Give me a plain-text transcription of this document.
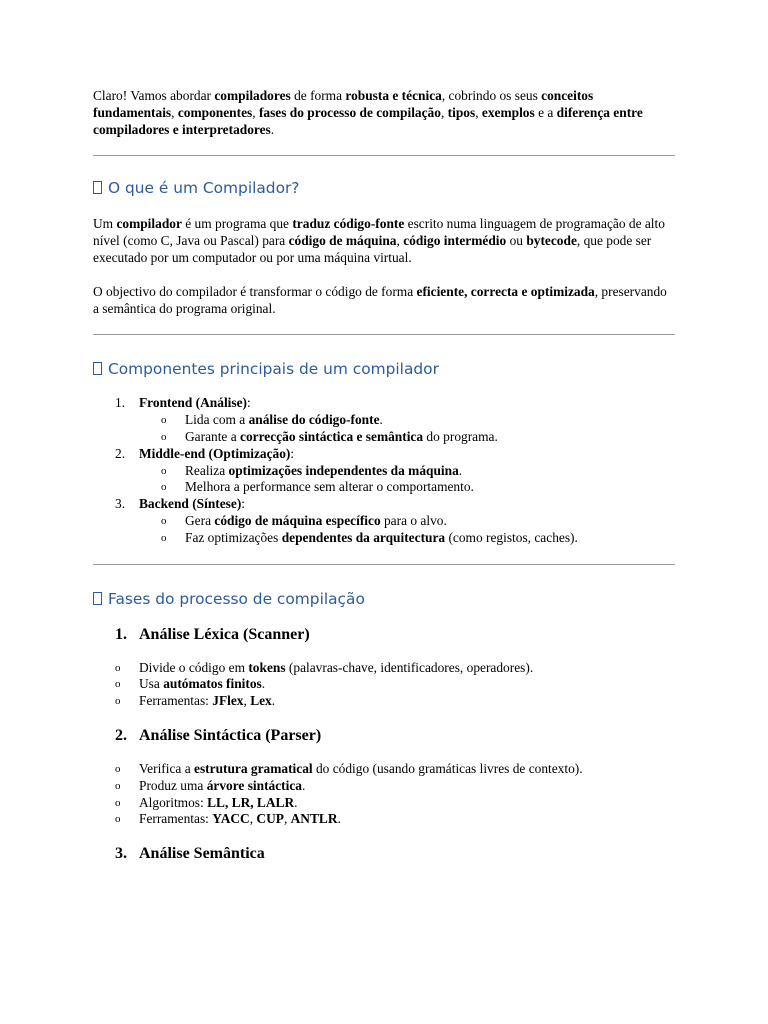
Claro! Vamos abordar compiladores de forma robusta e técnica, cobrindo os seus conceitos fundamentais, componentes, fases do processo de compilação, tipos, exemplos e a diferença entre compiladores e interpretadores.

O que é um Compilador?

Um compilador é um programa que traduz código-fonte escrito numa linguagem de programação de alto nível (como C, Java ou Pascal) para código de máquina, código intermédio ou bytecode, que pode ser executado por um computador ou por uma máquina virtual.

O objectivo do compilador é transformar o código de forma eficiente, correcta e optimizada, preservando a semântica do programa original.

Componentes principais de um compilador
1. Frontend (Análise):
o Lida com a análise do código-fonte.
o Garante a correcção sintáctica e semântica do programa.
2. Middle-end (Optimização):
o Realiza optimizações independentes da máquina.
o Melhora a performance sem alterar o comportamento.
3. Backend (Síntese):
o Gera código de máquina específico para o alvo.
o Faz optimizações dependentes da arquitectura (como registos, caches).
Fases do processo de compilação
1. Análise Léxica (Scanner)
o Divide o código em tokens (palavras-chave, identificadores, operadores).
o Usa autómatos finitos.
o Ferramentas: JFlex, Lex.
2. Análise Sintáctica (Parser)
o Verifica a estrutura gramatical do código (usando gramáticas livres de contexto).
o Produz uma árvore sintáctica.
o Algoritmos: LL, LR, LALR.
o Ferramentas: YACC, CUP, ANTLR.
3. Análise Semântica
